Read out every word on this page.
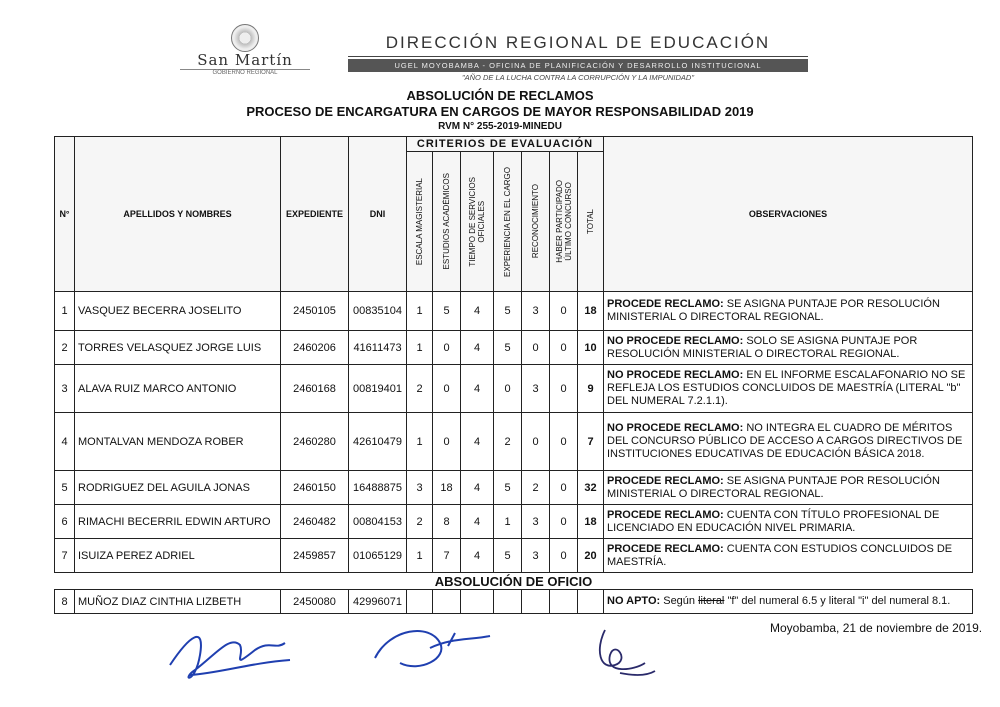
San Martín
GOBIERNO REGIONAL
DIRECCIÓN REGIONAL DE EDUCACIÓN
UGEL MOYOBAMBA - OFICINA DE PLANIFICACIÓN Y DESARROLLO INSTITUCIONAL
"AÑO DE LA LUCHA CONTRA LA CORRUPCIÓN Y LA IMPUNIDAD"
ABSOLUCIÓN DE RECLAMOS
PROCESO DE ENCARGATURA EN CARGOS DE MAYOR RESPONSABILIDAD 2019
RVM N° 255-2019-MINEDU
N°	APELLIDOS Y NOMBRES	EXPEDIENTE	DNI	CRITERIOS DE EVALUACIÓN							OBSERVACIONES

				ESCALA MAGISTERIAL	ESTUDIOS ACADÉMICOS	TIEMPO DE SERVICIOS
OFICIALES	EXPERIENCIA EN EL CARGO	RECONOCIMIENTO	HABER PARTICIPADO
ÚLTIMO CONCURSO	TOTAL	

1	VASQUEZ BECERRA JOSELITO	2450105	00835104	1	5	4	5	3	0	18	PROCEDE RECLAMO: SE ASIGNA PUNTAJE POR RESOLUCIÓN MINISTERIAL O DIRECTORAL REGIONAL.
2	TORRES VELASQUEZ JORGE LUIS	2460206	41611473	1	0	4	5	0	0	10	NO PROCEDE RECLAMO: SOLO SE ASIGNA PUNTAJE POR RESOLUCIÓN MINISTERIAL O DIRECTORAL REGIONAL.
3	ALAVA RUIZ MARCO ANTONIO	2460168	00819401	2	0	4	0	3	0	9	NO PROCEDE RECLAMO: EN EL INFORME ESCALAFONARIO NO SE REFLEJA LOS ESTUDIOS CONCLUIDOS DE MAESTRÍA (LITERAL "b" DEL NUMERAL 7.2.1.1).
4	MONTALVAN MENDOZA ROBER	2460280	42610479	1	0	4	2	0	0	7	NO PROCEDE RECLAMO: NO INTEGRA EL CUADRO DE MÉRITOS DEL CONCURSO PÚBLICO DE ACCESO A CARGOS DIRECTIVOS DE INSTITUCIONES EDUCATIVAS DE EDUCACIÓN BÁSICA 2018.
5	RODRIGUEZ DEL AGUILA JONAS	2460150	16488875	3	18	4	5	2	0	32	PROCEDE RECLAMO: SE ASIGNA PUNTAJE POR RESOLUCIÓN MINISTERIAL O DIRECTORAL REGIONAL.
6	RIMACHI BECERRIL EDWIN ARTURO	2460482	00804153	2	8	4	1	3	0	18	PROCEDE RECLAMO: CUENTA CON TÍTULO PROFESIONAL DE LICENCIADO EN EDUCACIÓN NIVEL PRIMARIA.
7	ISUIZA PEREZ ADRIEL	2459857	01065129	1	7	4	5	3	0	20	PROCEDE RECLAMO: CUENTA CON ESTUDIOS CONCLUIDOS DE MAESTRÍA.
ABSOLUCIÓN DE OFICIO											
8	MUÑOZ DIAZ CINTHIA LIZBETH	2450080	42996071								NO APTO: Según literal "f" del numeral 6.5 y literal "i" del numeral 8.1.
Moyobamba, 21 de noviembre de 2019.
